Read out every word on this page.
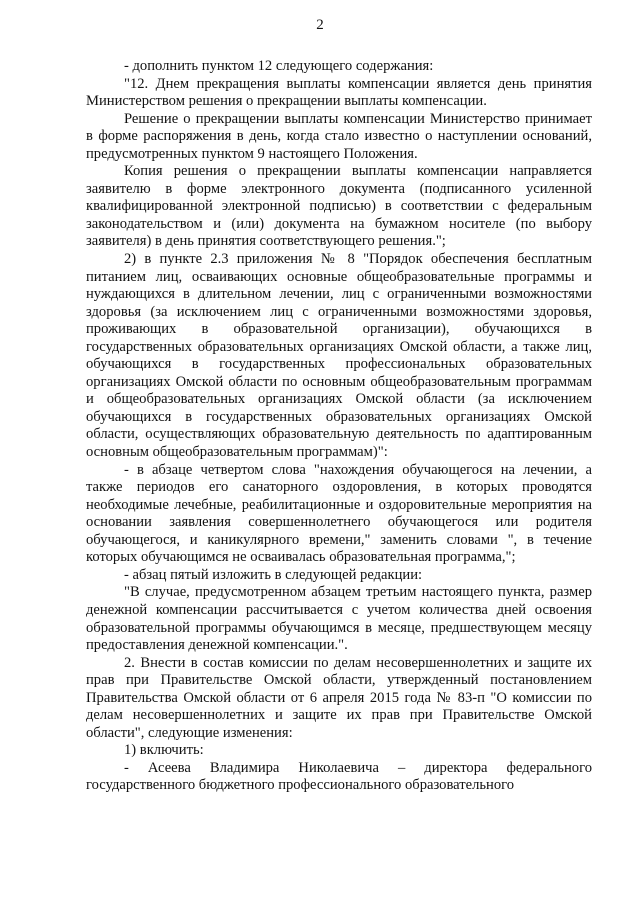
2

- дополнить пунктом 12 следующего содержания:

"12. Днем прекращения выплаты компенсации является день принятия Министерством решения о прекращении выплаты компенсации.

Решение о прекращении выплаты компенсации Министерство принимает в форме распоряжения в день, когда стало известно о наступлении оснований, предусмотренных пунктом 9 настоящего Положения.

Копия решения о прекращении выплаты компенсации направляется заявителю в форме электронного документа (подписанного усиленной квалифицированной электронной подписью) в соответствии с федеральным законодательством и (или) документа на бумажном носителе (по выбору заявителя) в день принятия соответствующего решения.";

2) в пункте 2.3 приложения № 8 "Порядок обеспечения бесплатным питанием лиц, осваивающих основные общеобразовательные программы и нуждающихся в длительном лечении, лиц с ограниченными возможностями здоровья (за исключением лиц с ограниченными возможностями здоровья, проживающих в образовательной организации), обучающихся в государственных образовательных организациях Омской области, а также лиц, обучающихся в государственных профессиональных образовательных организациях Омской области по основным общеобразовательным программам и общеобразовательных организациях Омской области (за исключением обучающихся в государственных образовательных организациях Омской области, осуществляющих образовательную деятельность по адаптированным основным общеобразовательным программам)":

- в абзаце четвертом слова "нахождения обучающегося на лечении, а также периодов его санаторного оздоровления, в которых проводятся необходимые лечебные, реабилитационные и оздоровительные мероприятия на основании заявления совершеннолетнего обучающегося или родителя обучающегося, и каникулярного времени," заменить словами ", в течение которых обучающимся не осваивалась образовательная программа,";

- абзац пятый изложить в следующей редакции:

"В случае, предусмотренном абзацем третьим настоящего пункта, размер денежной компенсации рассчитывается с учетом количества дней освоения образовательной программы обучающимся в месяце, предшествующем месяцу предоставления денежной компенсации.".

2. Внести в состав комиссии по делам несовершеннолетних и защите их прав при Правительстве Омской области, утвержденный постановлением Правительства Омской области от 6 апреля 2015 года № 83-п "О комиссии по делам несовершеннолетних и защите их прав при Правительстве Омской области", следующие изменения:

1) включить:

- Асеева Владимира Николаевича – директора федерального государственного бюджетного профессионального образовательного
